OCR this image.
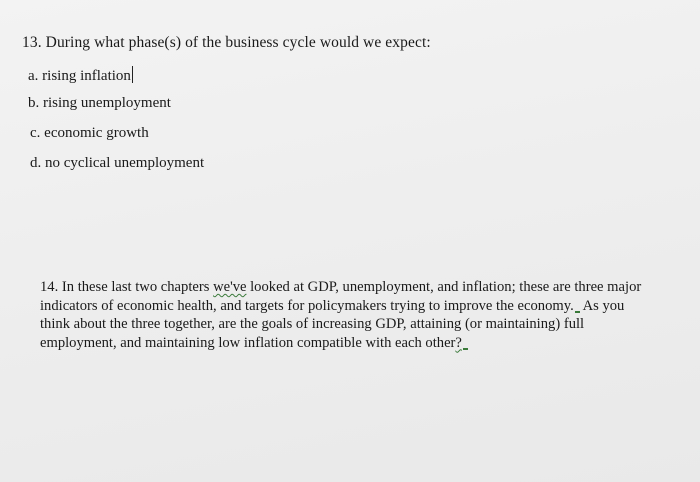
13. During what phase(s) of the business cycle would we expect:
a. rising inflation
b. rising unemployment
c. economic growth
d. no cyclical unemployment
14. In these last two chapters we've looked at GDP, unemployment, and inflation; these are three major
indicators of economic health, and targets for policymakers trying to improve the economy. As you
think about the three together, are the goals of increasing GDP, attaining (or maintaining) full
employment, and maintaining low inflation compatible with each other?
